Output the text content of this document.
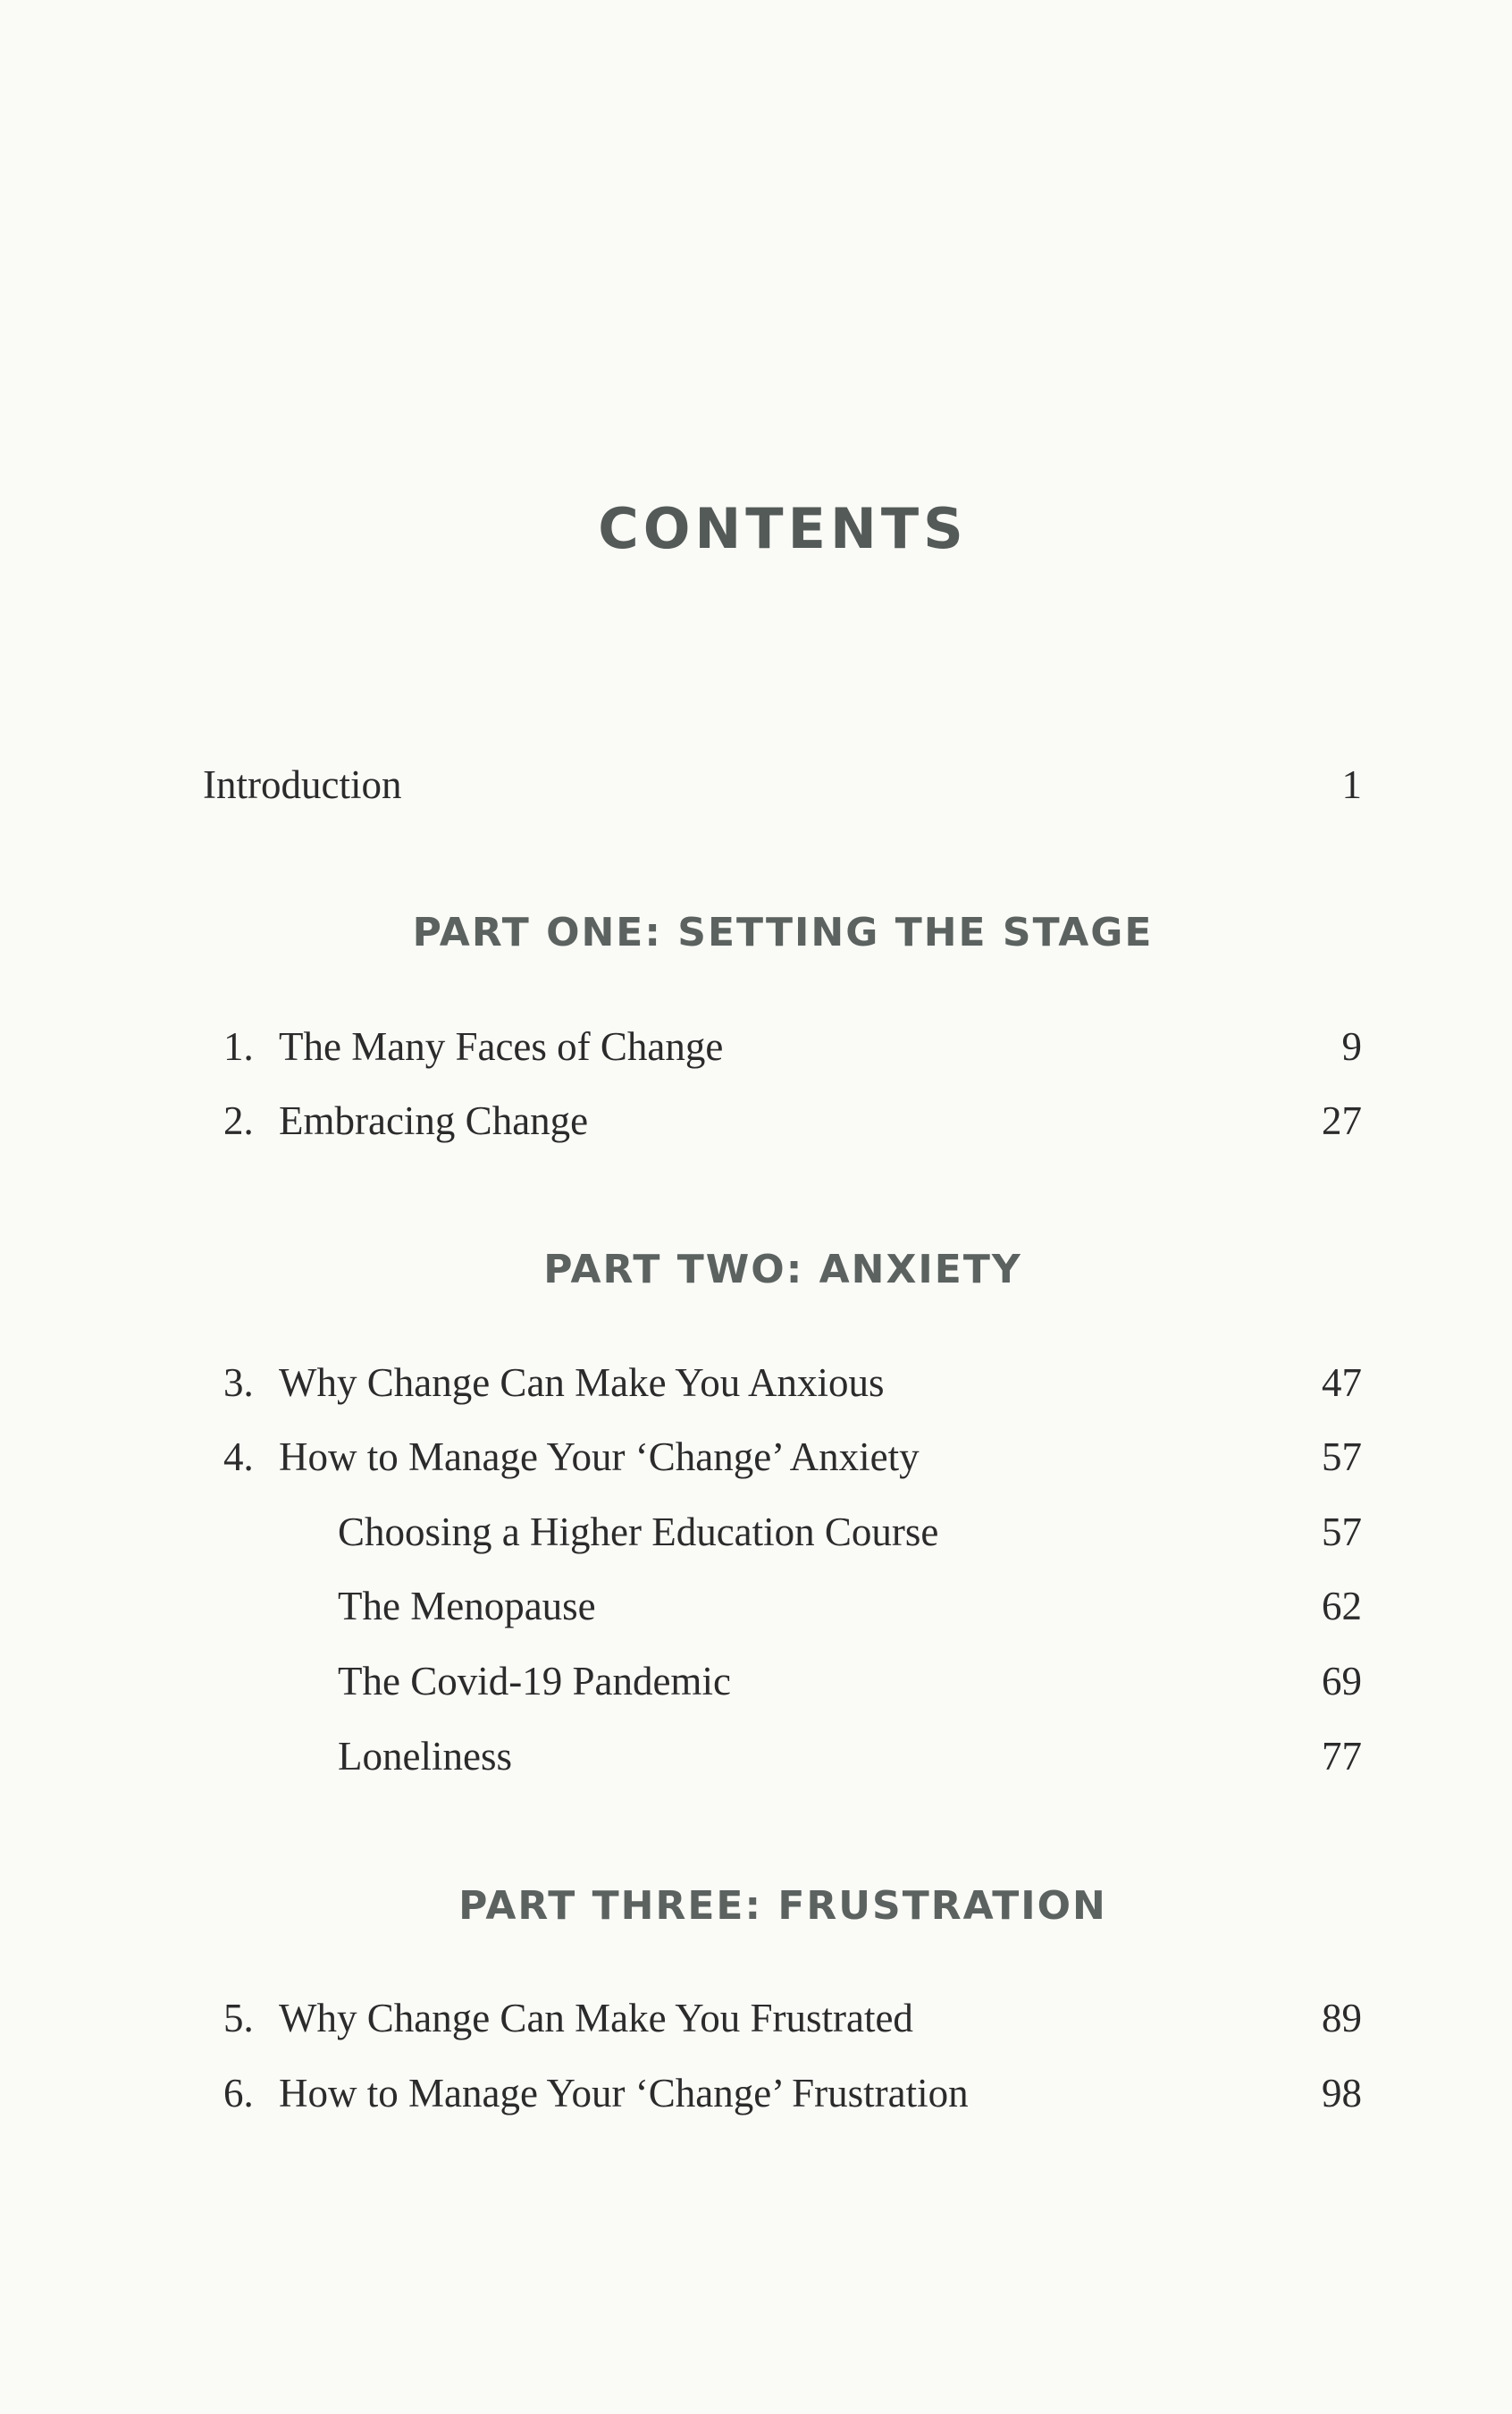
CONTENTS
Introduction	1
PART ONE: SETTING THE STAGE
1. The Many Faces of Change	9
2. Embracing Change	27
PART TWO: ANXIETY
3. Why Change Can Make You Anxious	47
4. How to Manage Your ‘Change’ Anxiety	57
Choosing a Higher Education Course	57
The Menopause	62
The Covid-19 Pandemic	69
Loneliness	77
PART THREE: FRUSTRATION
5. Why Change Can Make You Frustrated	89
6. How to Manage Your ‘Change’ Frustration	98
